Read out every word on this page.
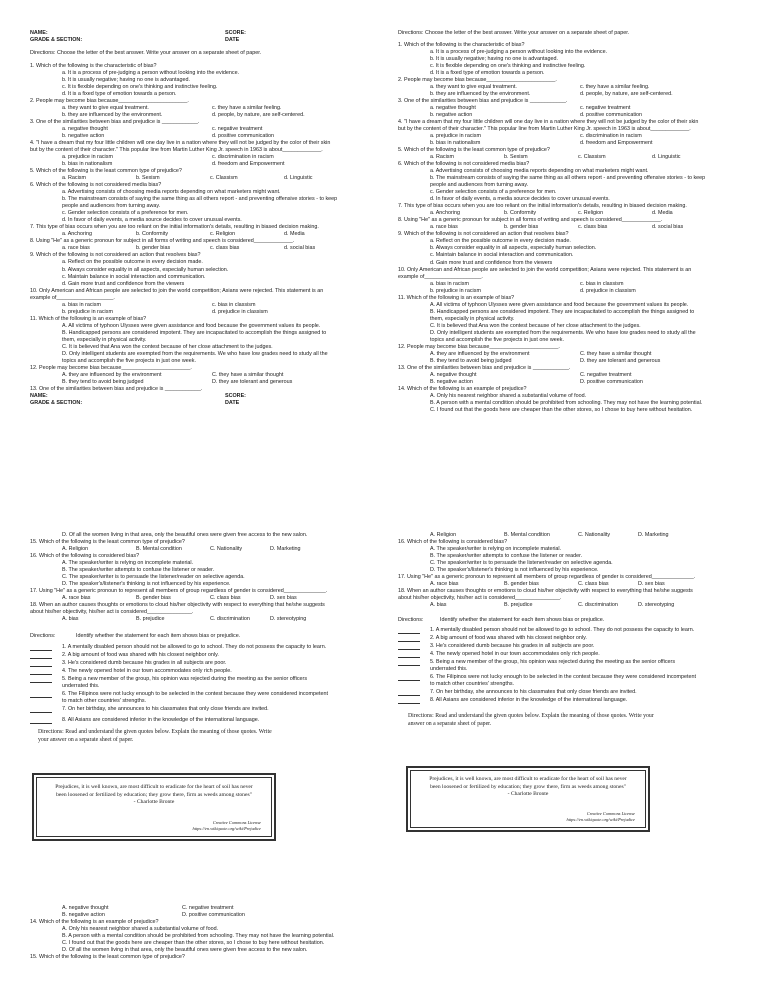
NAME:	SCORE:
GRADE & SECTION:	DATE
Directions: Choose the letter of the best answer. Write your answer on a separate sheet of paper.
1. Which of the following is the characteristic of bias?
a. It is a process of pre-judging a person without looking into the evidence.
b. It is usually negative; having no one is advantaged.
c. It is flexible depending on one's thinking and instinctive feeling.
d. It is a fixed type of emotion towards a person.
2. People may become bias because_______________________.
a. they want to give equal treatment.	c. they have a similar feeling.
b. they are influenced by the environment.	d. people, by nature, are self-centered.
3. One of the similarities between bias and prejudice is ____________.
a. negative thought	c. negative treatment
b. negative action	d. positive communication
4. "I have a dream that my four little children will one day live in a nation where they will not be judged by the color of their skin
but by the content of their character." This popular line from Martin Luther King Jr. speech in 1963 is about_____________.
a. prejudice in racism	c. discrimination in racism
b. bias in nationalism	d. freedom and Empowerment
5. Which of the following is the least common type of prejudice?
a. Racism	b. Sexism	c. Classism	d. Linguistic
6. Which of the following is not considered media bias?
a. Advertising consists of choosing media reports depending on what marketers might want.
b. The mainstream consists of saying the same thing as all others report - and preventing offensive stories - to keep
people and audiences from turning away.
c. Gender selection consists of a preference for men.
d. In favor of daily events, a media source decides to cover unusual events.
7. This type of bias occurs when you are too reliant on the initial information's details, resulting in biased decision making.
a. Anchoring	b. Conformity	c. Religion	d. Media
8. Using "He" as a generic pronoun for subject in all forms of writing and speech is considered_____________.
a. race bias	b. gender bias	c. class bias	d. social bias
9. Which of the following is not considered an action that resolves bias?
a. Reflect on the possible outcome in every decision made.
b. Always consider equality in all aspects, especially human selection.
c. Maintain balance in social interaction and communication.
d. Gain more trust and confidence from the viewers
10. Only American and African people are selected to join the world competition; Asians were rejected. This statement is an
example of___________________.
a. bias in racism	c. bias in classism
b. prejudice in racism	d. prejudice in classism
11. Which of the following is an example of bias?
A. All victims of typhoon Ulysses were given assistance and food because the government values its people.
B. Handicapped persons are considered impotent. They are incapacitated to accomplish the things assigned to
them, especially in physical activity.
C. It is believed that Ana won the contest because of her close attachment to the judges.
D. Only intelligent students are exempted from the requirements. We who have low grades need to study all the
topics and accomplish the five projects in just one week.
12. People may become bias because_______________________.
A. they are influenced by the environment	C. they have a similar thought
B. they tend to avoid being judged	D. they are tolerant and generous
13. One of the similarities between bias and prejudice is ____________.
NAME:	SCORE:
GRADE & SECTION:	DATE
Directions: Choose the letter of the best answer. Write your answer on a separate sheet of paper.
1. Which of the following is the characteristic of bias?
a. It is a process of pre-judging a person without looking into the evidence.
b. It is usually negative; having no one is advantaged.
c. It is flexible depending on one's thinking and instinctive feeling.
d. It is a fixed type of emotion towards a person.
2. People may become bias because_______________________.
a. they want to give equal treatment.	c. they have a similar feeling.
b. they are influenced by the environment.	d. people, by nature, are self-centered.
3. One of the similarities between bias and prejudice is ____________.
a. negative thought	c. negative treatment
b. negative action	d. positive communication
4. "I have a dream that my four little children will one day live in a nation where they will not be judged by the color of their skin
but by the content of their character." This popular line from Martin Luther King Jr. speech in 1963 is about_____________.
a. prejudice in racism	c. discrimination in racism
b. bias in nationalism	d. freedom and Empowerment
5. Which of the following is the least common type of prejudice?
a. Racism	b. Sexism	c. Classism	d. Linguistic
6. Which of the following is not considered media bias?
a. Advertising consists of choosing media reports depending on what marketers might want.
b. The mainstream consists of saying the same thing as all others report - and preventing offensive stories - to keep
people and audiences from turning away.
c. Gender selection consists of a preference for men.
d. In favor of daily events, a media source decides to cover unusual events.
7. This type of bias occurs when you are too reliant on the initial information's details, resulting in biased decision making.
a. Anchoring	b. Conformity	c. Religion	d. Media
8. Using "He" as a generic pronoun for subject in all forms of writing and speech is considered_____________.
a. race bias	b. gender bias	c. class bias	d. social bias
9. Which of the following is not considered an action that resolves bias?
a. Reflect on the possible outcome in every decision made.
b. Always consider equality in all aspects, especially human selection.
c. Maintain balance in social interaction and communication.
d. Gain more trust and confidence from the viewers
10. Only American and African people are selected to join the world competition; Asians were rejected. This statement is an
example of___________________.
a. bias in racism	c. bias in classism
b. prejudice in racism	d. prejudice in classism
11. Which of the following is an example of bias?
A. All victims of typhoon Ulysses were given assistance and food because the government values its people.
B. Handicapped persons are considered impotent. They are incapacitated to accomplish the things assigned to
them, especially in physical activity.
C. It is believed that Ana won the contest because of her close attachment to the judges.
D. Only intelligent students are exempted from the requirements. We who have low grades need to study all the
topics and accomplish the five projects in just one week.
12. People may become bias because_______________________.
A. they are influenced by the environment	C. they have a similar thought
B. they tend to avoid being judged	D. they are tolerant and generous
13. One of the similarities between bias and prejudice is ____________.
A. negative thought	C. negative treatment
B. negative action	D. positive communication
14. Which of the following is an example of prejudice?
A. Only his nearest neighbor shared a substantial volume of food.
B. A person with a mental condition should be prohibited from schooling. They may not have the learning potential.
C. I found out that the goods here are cheaper than the other stores, so I chose to buy here without hesitation.
D. Of all the women living in that area, only the beautiful ones were given free access to the new salon.
15. Which of the following is the least common type of prejudice?
A. Religion	B. Mental condition	C. Nationality	D. Marketing
16. Which of the following is considered bias?
A. The speaker/writer is relying on incomplete material.
B. The speaker/writer attempts to confuse the listener or reader.
C. The speaker/writer is to persuade the listener/reader on selective agenda.
D. The speaker's/listener's thinking is not influenced by his experience.
17. Using "He" as a generic pronoun to represent all members of group regardless of gender is considered______________.
A. race bias	B. gender bias	C. class bias	D. sex bias
18. When an author causes thoughts or emotions to cloud his/her objectivity with respect to everything that he/she suggests
about his/her objectivity, his/her act is considered_______________.
A. bias	B. prejudice	C. discrimination	D. stereotyping
Directions:	Identify whether the statement for each item shows bias or prejudice.
1. A mentally disabled person should not be allowed to go to school. They do not possess the capacity to learn.
2. A big amount of food was shared with his closest neighbor only.
3. He's considered dumb because his grades in all subjects are poor.
4. The newly opened hotel in our town accommodates only rich people.
5. Being a new member of the group, his opinion was rejected during the meeting as the senior officers underrated this.
6. The Filipinos were not lucky enough to be selected in the contest because they were considered incompetent to match other countries' strengths.
7. On her birthday, she announces to his classmates that only close friends are invited.
8. All Asians are considered inferior in the knowledge of the international language.
Directions: Read and understand the given quotes below. Explain the meaning of those quotes. Write your answer on a separate sheet of paper.
Prejudices, it is well known, are most difficult to eradicate for the heart of soil has never been loosened or fertilized by education; they grow there, firm as weeds among stones" - Charlotte Bronte
Creative Commons License
https://en.wikiquote.org/wiki/Prejudice
A. Religion	B. Mental condition	C. Nationality	D. Marketing
16. Which of the following is considered bias?
A. The speaker/writer is relying on incomplete material.
B. The speaker/writer attempts to confuse the listener or reader.
C. The speaker/writer is to persuade the listener/reader on selective agenda.
D. The speaker's/listener's thinking is not influenced by his experience.
17. Using "He" as a generic pronoun to represent all members of group regardless of gender is considered______________.
A. race bias	B. gender bias	C. class bias	D. sex bias
18. When an author causes thoughts or emotions to cloud his/her objectivity with respect to everything that he/she suggests
about his/her objectivity, his/her act is considered_______________.
A. bias	B. prejudice	C. discrimination	D. stereotyping
Directions:	Identify whether the statement for each item shows bias or prejudice.
1. A mentally disabled person should not be allowed to go to school. They do not possess the capacity to learn.
2. A big amount of food was shared with his closest neighbor only.
3. He's considered dumb because his grades in all subjects are poor.
4. The newly opened hotel in our town accommodates only rich people.
5. Being a new member of the group, his opinion was rejected during the meeting as the senior officers underrated this.
6. The Filipinos were not lucky enough to be selected in the contest because they were considered incompetent to match other countries' strengths.
7. On her birthday, she announces to his classmates that only close friends are invited.
8. All Asians are considered inferior in the knowledge of the international language.
Directions: Read and understand the given quotes below. Explain the meaning of those quotes. Write your answer on a separate sheet of paper.
Prejudices, it is well known, are most difficult to eradicate for the heart of soil has never been loosened or fertilized by education; they grow there, firm as weeds among stones" - Charlotte Bronte
Creative Commons License
https://en.wikiquote.org/wiki/Prejudice
A. negative thought	C. negative treatment
B. negative action	D. positive communication
14. Which of the following is an example of prejudice?
A. Only his nearest neighbor shared a substantial volume of food.
B. A person with a mental condition should be prohibited from schooling. They may not have the learning potential.
C. I found out that the goods here are cheaper than the other stores, so I chose to buy here without hesitation.
D. Of all the women living in that area, only the beautiful ones were given free access to the new salon.
15. Which of the following is the least common type of prejudice?
